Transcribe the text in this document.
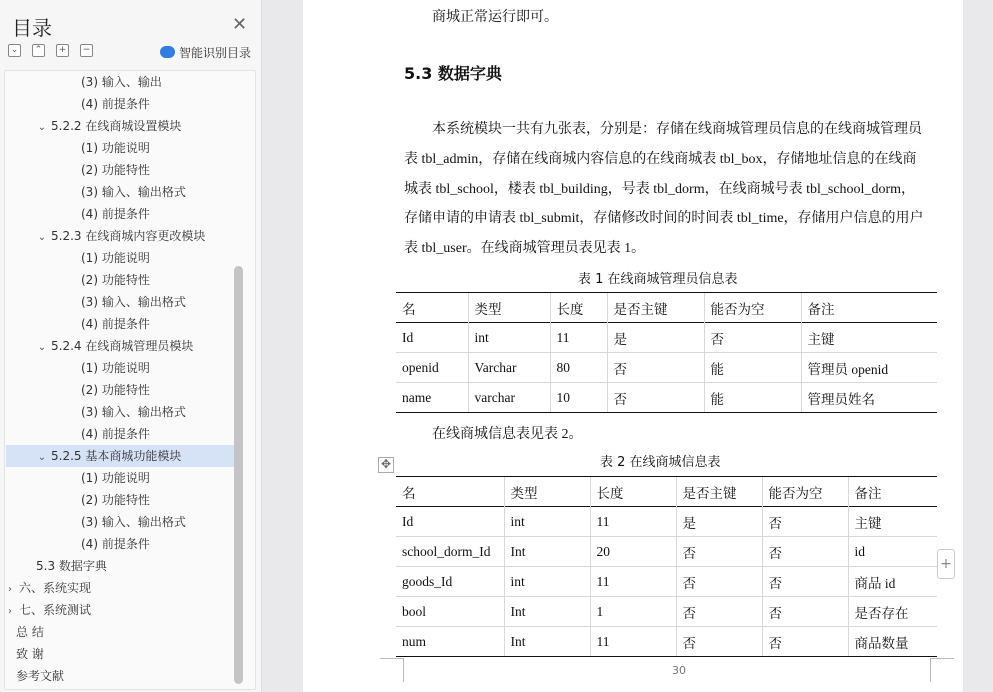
目录	✕
⌄	⌃	+	−	智能识别目录
(3) 输入、输出
(4) 前提条件
⌄ 5.2.2 在线商城设置模块
(1) 功能说明
(2) 功能特性
(3) 输入、输出格式
(4) 前提条件
⌄ 5.2.3 在线商城内容更改模块
(1) 功能说明
(2) 功能特性
(3) 输入、输出格式
(4) 前提条件
⌄ 5.2.4 在线商城管理员模块
(1) 功能说明
(2) 功能特性
(3) 输入、输出格式
(4) 前提条件
⌄ 5.2.5 基本商城功能模块
(1) 功能说明
(2) 功能特性
(3) 输入、输出格式
(4) 前提条件
5.3 数据字典
› 六、系统实现
› 七、系统测试
总 结
致 谢
参考文献
商城正常运行即可。
5.3 数据字典
本系统模块一共有九张表，分别是：存储在线商城管理员信息的在线商城管理员
表 tbl_admin，存储在线商城内容信息的在线商城表 tbl_box，存储地址信息的在线商
城表 tbl_school，楼表 tbl_building，号表 tbl_dorm，在线商城号表 tbl_school_dorm，
存储申请的申请表 tbl_submit，存储修改时间的时间表 tbl_time，存储用户信息的用户
表 tbl_user。在线商城管理员表见表 1。
表 1 在线商城管理员信息表
名	类型	长度	是否主键	能否为空	备注
Id	int	11	是	否	主键
openid	Varchar	80	否	能	管理员 openid
name	varchar	10	否	能	管理员姓名
在线商城信息表见表 2。
表 2 在线商城信息表
✥
名	类型	长度	是否主键	能否为空	备注
Id	int	11	是	否	主键
school_dorm_Id	Int	20	否	否	id
goods_Id	int	11	否	否	商品 id
bool	Int	1	否	否	是否存在
num	Int	11	否	否	商品数量
+
30
